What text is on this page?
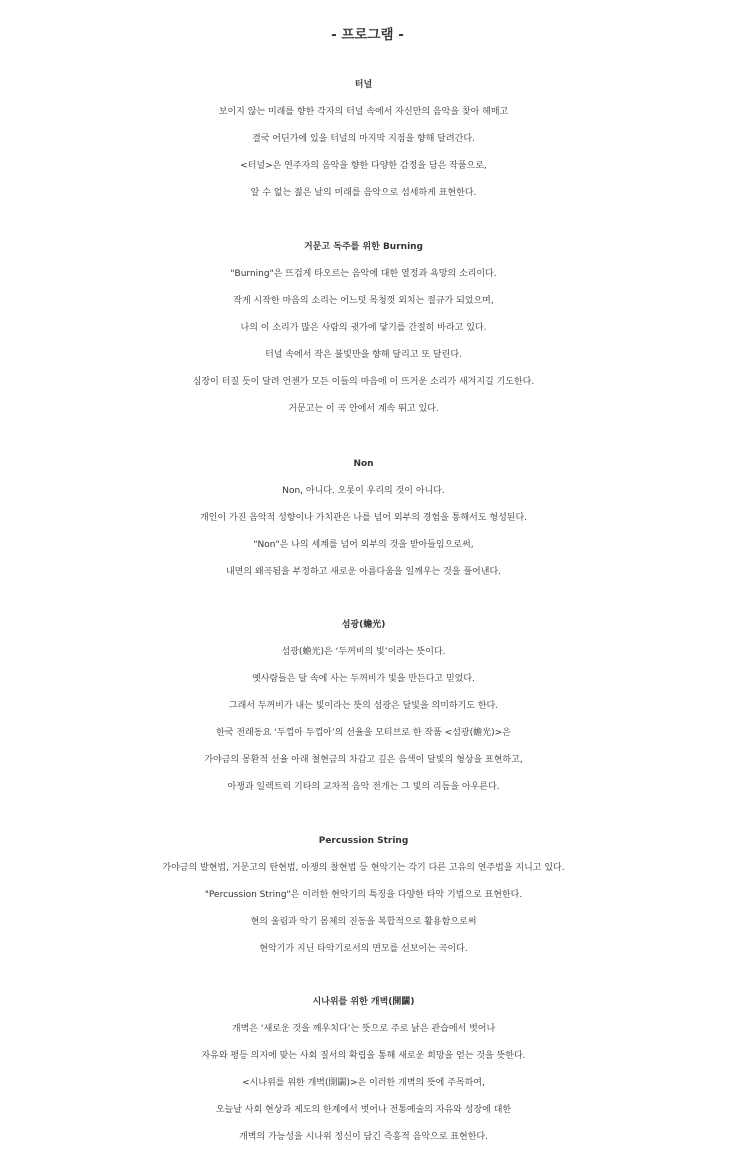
- 프로그램 -
터널
보이지 않는 미래를 향한 각자의 터널 속에서 자신만의 음악을 찾아 헤매고
결국 어딘가에 있을 터널의 마지막 지점을 향해 달려간다.
<터널>은 연주자의 음악을 향한 다양한 감정을 담은 작품으로,
알 수 없는 젊은 날의 미래를 음악으로 섬세하게 표현한다.
거문고 독주를 위한 Burning
"Burning"은 뜨겁게 타오르는 음악에 대한 열정과 욕망의 소리이다.
작게 시작한 마음의 소리는 어느덧 목청껏 외치는 절규가 되었으며,
나의 이 소리가 많은 사람의 귓가에 닿기를 간절히 바라고 있다.
터널 속에서 작은 불빛만을 향해 달리고 또 달린다.
심장이 터질 듯이 달려 언젠가 모든 이들의 마음에 이 뜨거운 소리가 새겨지길 기도한다.
거문고는 이 곡 안에서 계속 뛰고 있다.
Non
Non, 아니다. 오롯이 우리의 것이 아니다.
개인이 가진 음악적 성향이나 가치관은 나를 넘어 외부의 경험을 통해서도 형성된다.
"Non"은 나의 세계를 넘어 외부의 것을 받아들임으로써,
내면의 왜곡됨을 부정하고 새로운 아름다움을 일깨우는 것을 풀어낸다.
섬광(蟾光)
섬광(蟾光)은 ‘두꺼비의 빛’이라는 뜻이다.
옛사람들은 달 속에 사는 두꺼비가 빛을 만든다고 믿었다.
그래서 두꺼비가 내는 빛이라는 뜻의 섬광은 달빛을 의미하기도 한다.
한국 전래동요 ‘두껍아 두껍아’의 선율을 모티브로 한 작품 <섬광(蟾光)>은
가야금의 몽환적 선율 아래 철현금의 차갑고 깊은 음색이 달빛의 형상을 표현하고,
아쟁과 일렉트릭 기타의 교차적 음악 전개는 그 빛의 리듬을 아우른다.
Percussion String
가야금의 발현법, 거문고의 탄현법, 아쟁의 찰현법 등 현악기는 각기 다른 고유의 연주법을 지니고 있다.
"Percussion String"은 이러한 현악기의 특징을 다양한 타악 기법으로 표현한다.
현의 울림과 악기 몸체의 진동을 복합적으로 활용함으로써
현악기가 지닌 타악기로서의 면모를 선보이는 곡이다.
시나위를 위한 개벽(開闢)
개벽은 ‘새로운 것을 깨우치다’는 뜻으로 주로 낡은 관습에서 벗어나
자유와 평등 의지에 맞는 사회 질서의 확립을 통해 새로운 희망을 얻는 것을 뜻한다.
<시나위를 위한 개벽(開闢)>은 이러한 개벽의 뜻에 주목하여,
오늘날 사회 현상과 제도의 한계에서 벗어나 전통예술의 자유와 성장에 대한
개벽의 가능성을 시나위 정신이 담긴 즉흥적 음악으로 표현한다.
